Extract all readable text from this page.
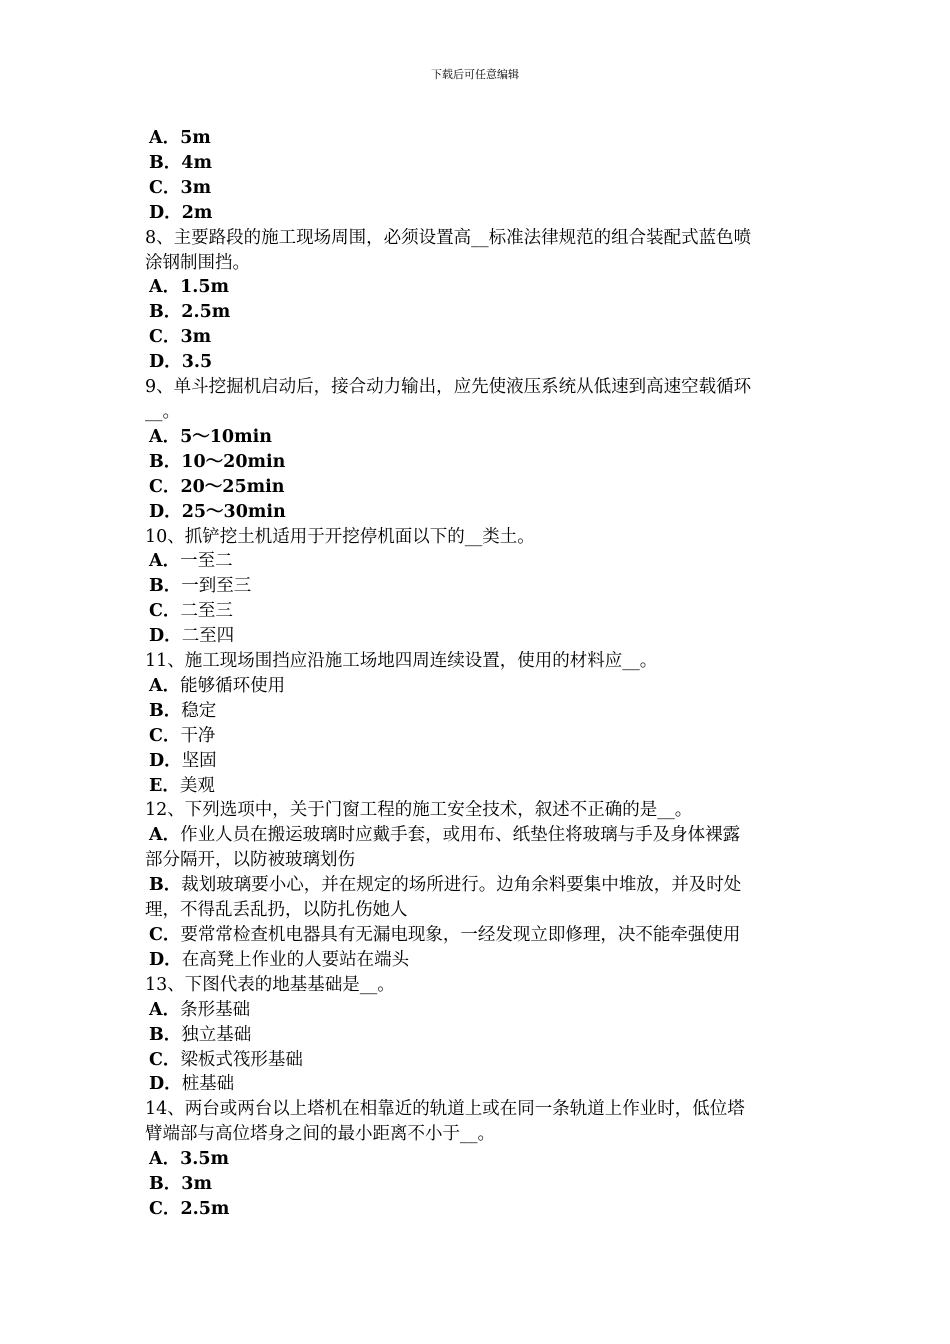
下载后可任意编辑
A．5m
B．4m
C．3m
D．2m
8、主要路段的施工现场周围，必须设置高__标准法律规范的组合装配式蓝色喷
涂钢制围挡。
A．1.5m
B．2.5m
C．3m
D．3.5
9、单斗挖掘机启动后，接合动力输出，应先使液压系统从低速到高速空载循环
__。
A．5～10min
B．10～20min
C．20～25min
D．25～30min
10、抓铲挖土机适用于开挖停机面以下的__类土。
A．一至二
B．一到至三
C．二至三
D．二至四
11、施工现场围挡应沿施工场地四周连续设置，使用的材料应__。
A．能够循环使用
B．稳定
C．干净
D．坚固
E．美观
12、下列选项中，关于门窗工程的施工安全技术，叙述不正确的是__。
A．作业人员在搬运玻璃时应戴手套，或用布、纸垫住将玻璃与手及身体裸露
部分隔开，以防被玻璃划伤
B．裁划玻璃要小心，并在规定的场所进行。边角余料要集中堆放，并及时处
理，不得乱丢乱扔，以防扎伤她人
C．要常常检查机电器具有无漏电现象，一经发现立即修理，决不能牵强使用
D．在高凳上作业的人要站在端头
13、下图代表的地基基础是__。
A．条形基础
B．独立基础
C．梁板式筏形基础
D．桩基础
14、两台或两台以上塔机在相靠近的轨道上或在同一条轨道上作业时，低位塔
臂端部与高位塔身之间的最小距离不小于__。
A．3.5m
B．3m
C．2.5m
